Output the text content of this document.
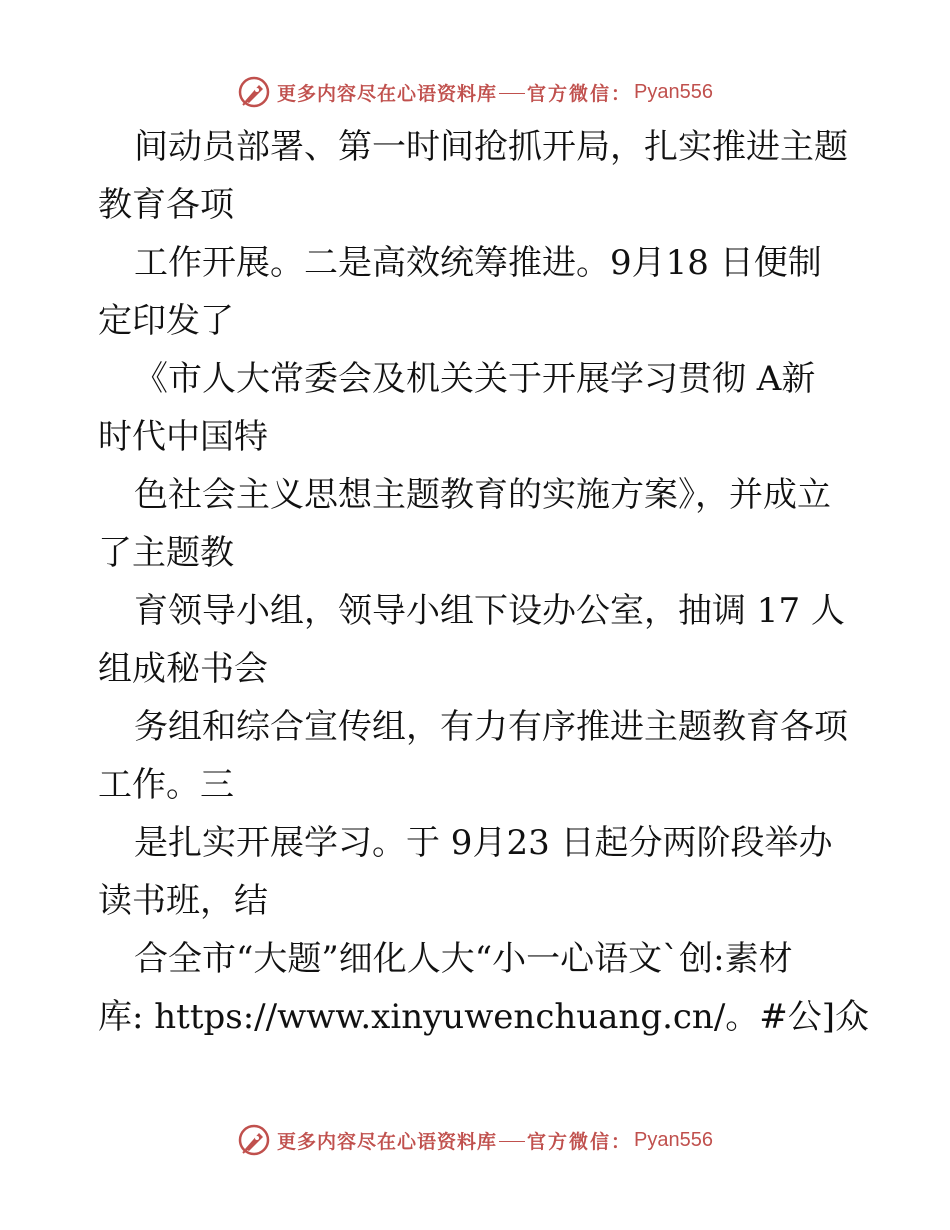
更多内容尽在心语资料库 官方微信： Pyan556
间动员部署、第一时间抢抓开局，扎实推进主题
教育各项
工作开展。二是高效统筹推进。9月18 日便制
定印发了
《市人大常委会及机关关于开展学习贯彻 A新
时代中国特
色社会主义思想主题教育的实施方案》，并成立
了主题教
育领导小组，领导小组下设办公室，抽调 17 人
组成秘书会
务组和综合宣传组，有力有序推进主题教育各项
工作。三
是扎实开展学习。于 9月23 日起分两阶段举办
读书班，结
合全市“大题”细化人大“小一心语文`创:素材
库: https://www.xinyuwenchuang.cn/。#公]众
更多内容尽在心语资料库 官方微信： Pyan556
